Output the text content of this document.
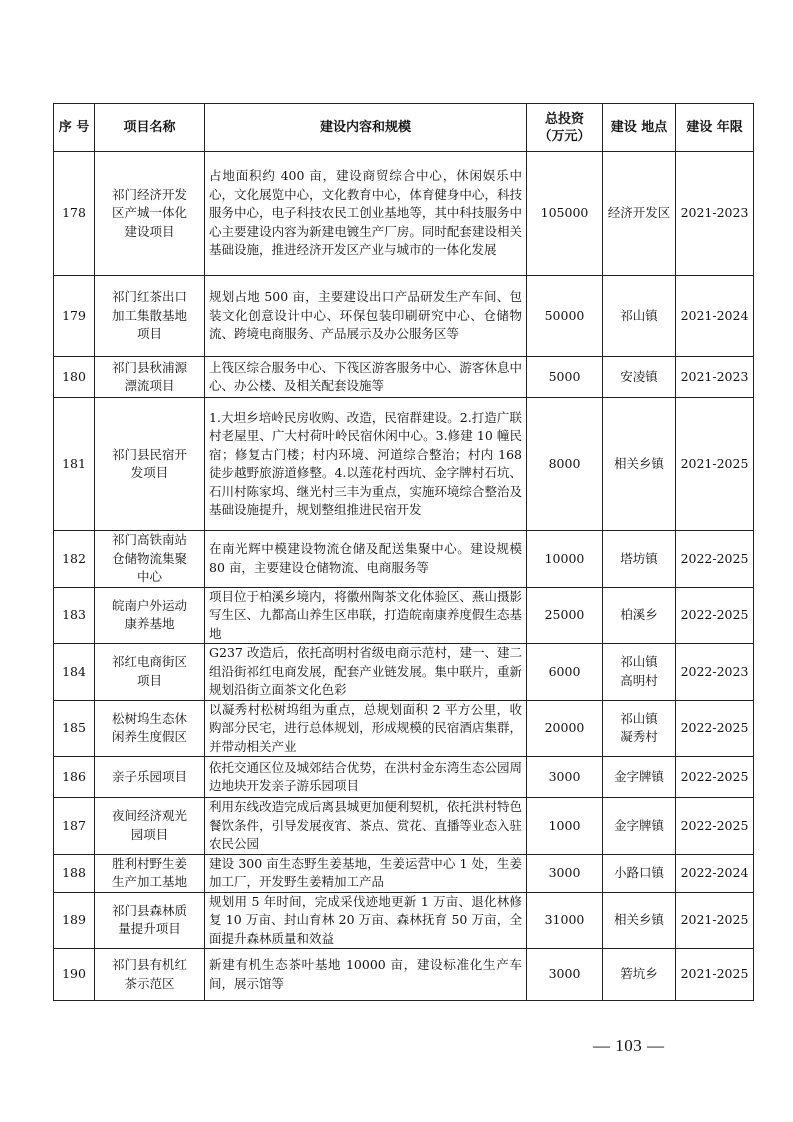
序 号	项目名称	建设内容和规模	总投资 （万元）	建设 地点	建设 年限
178	祁门经济开发
区产城一体化
建设项目	占地面积约 400 亩，建设商贸综合中心，休闲娱乐中心，文化展览中心，文化教育中心，体育健身中心，科技服务中心，电子科技农民工创业基地等，其中科技服务中心主要建设内容为新建电镀生产厂房。同时配套建设相关基础设施，推进经济开发区产业与城市的一体化发展	105000	经济开发区	2021-2023
179	祁门红茶出口
加工集散基地
项目	规划占地 500 亩，主要建设出口产品研发生产车间、包装文化创意设计中心、环保包装印刷研究中心、仓储物流、跨境电商服务、产品展示及办公服务区等	50000	祁山镇	2021-2024
180	祁门县秋浦源
漂流项目	上筏区综合服务中心、下筏区游客服务中心、游客休息中心、办公楼、及相关配套设施等	5000	安凌镇	2021-2023
181	祁门县民宿开
发项目	1.大坦乡培岭民房收购、改造，民宿群建设。2.打造广联村老屋里、广大村荷叶岭民宿休闲中心。3.修建 10 幢民宿；修复古门楼；村内环境、河道综合整治；村内 168 徒步越野旅游道修整。4.以莲花村西坑、金字牌村石坑、石川村陈家坞、继光村三丰为重点，实施环境综合整治及基础设施提升，规划整组推进民宿开发	8000	相关乡镇	2021-2025
182	祁门高铁南站
仓储物流集聚
中心	在南光辉中模建设物流仓储及配送集聚中心。建设规模 80 亩，主要建设仓储物流、电商服务等	10000	塔坊镇	2022-2025
183	皖南户外运动
康养基地	项目位于柏溪乡境内，将徽州陶茶文化体验区、燕山摄影写生区、九都高山养生区串联，打造皖南康养度假生态基地	25000	柏溪乡	2022-2025
184	祁红电商街区
项目	G237 改造后，依托高明村省级电商示范村，建一、建二组沿街祁红电商发展，配套产业链发展。集中联片，重新规划沿街立面茶文化色彩	6000	祁山镇
高明村	2022-2023
185	松树坞生态休
闲养生度假区	以凝秀村松树坞组为重点，总规划面积 2 平方公里，收购部分民宅，进行总体规划，形成规模的民宿酒店集群，并带动相关产业	20000	祁山镇
凝秀村	2022-2025
186	亲子乐园项目	依托交通区位及城郊结合优势，在洪村金东湾生态公园周边地块开发亲子游乐园项目	3000	金字牌镇	2022-2025
187	夜间经济观光
园项目	利用东线改造完成后离县城更加便利契机，依托洪村特色餐饮条件，引导发展夜宵、茶点、赏花、直播等业态入驻农民公园	1000	金字牌镇	2022-2025
188	胜利村野生姜
生产加工基地	建设 300 亩生态野生姜基地，生姜运营中心 1 处，生姜加工厂，开发野生姜精加工产品	3000	小路口镇	2022-2024
189	祁门县森林质
量提升项目	规划用 5 年时间，完成采伐迹地更新 1 万亩、退化林修复 10 万亩、封山育林 20 万亩、森林抚育 50 万亩，全面提升森林质量和效益	31000	相关乡镇	2021-2025
190	祁门县有机红
茶示范区	新建有机生态茶叶基地 10000 亩，建设标准化生产车间，展示馆等	3000	箬坑乡	2021-2025
— 103 —
